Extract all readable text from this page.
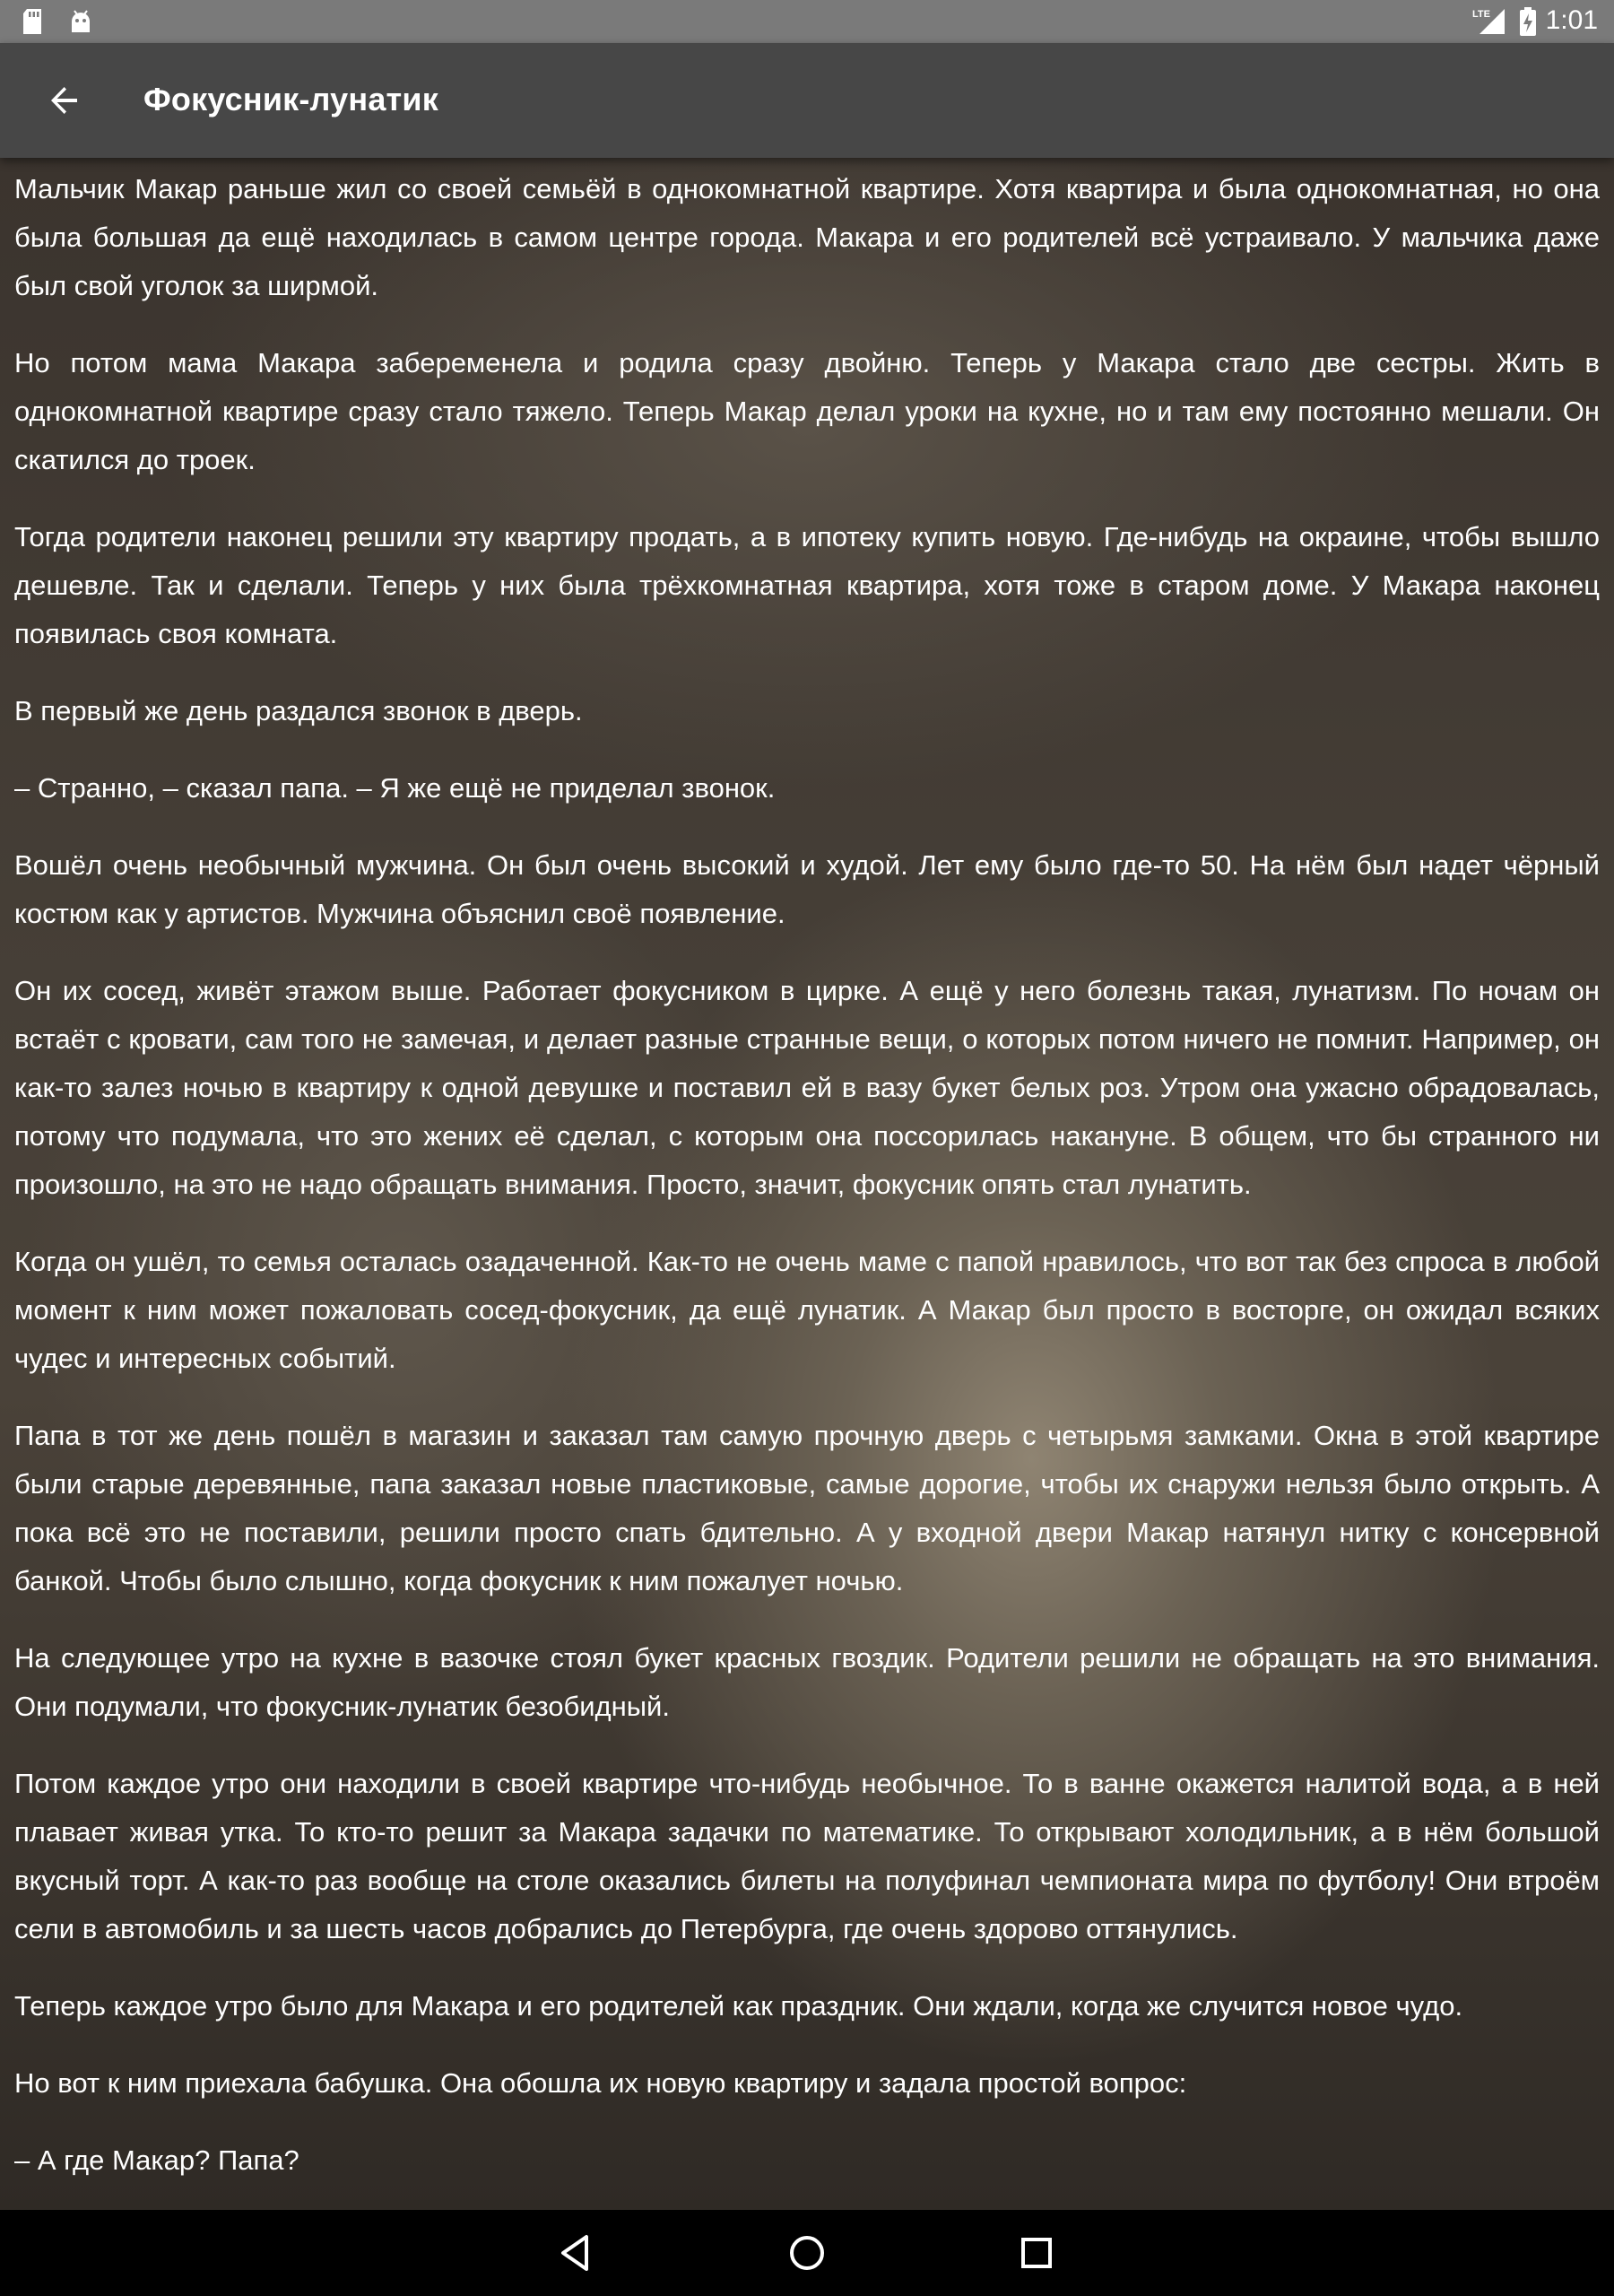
LTE 1:01
Фокусник-лунатик

Мальчик Макар раньше жил со своей семьёй в однокомнатной квартире. Хотя квартира и была однокомнатная, но она была большая да ещё находилась в самом центре города. Макара и его родителей всё устраивало. У мальчика даже был свой уголок за ширмой.

Но потом мама Макара забеременела и родила сразу двойню. Теперь у Макара стало две сестры. Жить в однокомнатной квартире сразу стало тяжело. Теперь Макар делал уроки на кухне, но и там ему постоянно мешали. Он скатился до троек.

Тогда родители наконец решили эту квартиру продать, а в ипотеку купить новую. Где-нибудь на окраине, чтобы вышло дешевле. Так и сделали. Теперь у них была трёхкомнатная квартира, хотя тоже в старом доме. У Макара наконец появилась своя комната.

В первый же день раздался звонок в дверь.

– Странно, – сказал папа. – Я же ещё не приделал звонок.

Вошёл очень необычный мужчина. Он был очень высокий и худой. Лет ему было где-то 50. На нём был надет чёрный костюм как у артистов. Мужчина объяснил своё появление.

Он их сосед, живёт этажом выше. Работает фокусником в цирке. А ещё у него болезнь такая, лунатизм. По ночам он встаёт с кровати, сам того не замечая, и делает разные странные вещи, о которых потом ничего не помнит. Например, он как-то залез ночью в квартиру к одной девушке и поставил ей в вазу букет белых роз. Утром она ужасно обрадовалась, потому что подумала, что это жених её сделал, с которым она поссорилась накануне. В общем, что бы странного ни произошло, на это не надо обращать внимания. Просто, значит, фокусник опять стал лунатить.

Когда он ушёл, то семья осталась озадаченной. Как-то не очень маме с папой нравилось, что вот так без спроса в любой момент к ним может пожаловать сосед-фокусник, да ещё лунатик. А Макар был просто в восторге, он ожидал всяких чудес и интересных событий.

Папа в тот же день пошёл в магазин и заказал там самую прочную дверь с четырьмя замками. Окна в этой квартире были старые деревянные, папа заказал новые пластиковые, самые дорогие, чтобы их снаружи нельзя было открыть. А пока всё это не поставили, решили просто спать бдительно. А у входной двери Макар натянул нитку с консервной банкой. Чтобы было слышно, когда фокусник к ним пожалует ночью.

На следующее утро на кухне в вазочке стоял букет красных гвоздик. Родители решили не обращать на это внимания. Они подумали, что фокусник-лунатик безобидный.

Потом каждое утро они находили в своей квартире что-нибудь необычное. То в ванне окажется налитой вода, а в ней плавает живая утка. То кто-то решит за Макара задачки по математике. То открывают холодильник, а в нём большой вкусный торт. А как-то раз вообще на столе оказались билеты на полуфинал чемпионата мира по футболу! Они втроём сели в автомобиль и за шесть часов добрались до Петербурга, где очень здорово оттянулись.

Теперь каждое утро было для Макара и его родителей как праздник. Они ждали, когда же случится новое чудо.

Но вот к ним приехала бабушка. Она обошла их новую квартиру и задала простой вопрос:

– А где Макар? Папа?
